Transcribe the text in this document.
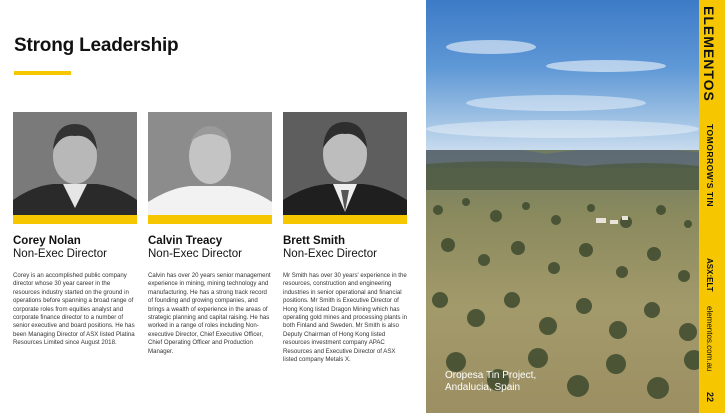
Strong Leadership
Corey Nolan
Non-Exec Director
Corey is an accomplished public company director whose 30 year career in the resources industry started on the ground in operations before spanning a broad range of corporate roles from equities analyst and corporate finance director to a number of senior executive and board positions. He has been Managing Director of ASX listed Platina Resources Limited since August 2018.
Calvin Treacy
Non-Exec Director
Calvin has over 20 years senior management experience in mining, mining technology and manufacturing. He has a strong track record of founding and growing companies, and brings a wealth of experience in the areas of strategic planning and capital raising. He has worked in a range of roles including Non-executive Director, Chief Executive Officer, Chief Operating Officer and Production Manager.
Brett Smith
Non-Exec Director
Mr Smith has over 30 years' experience in the resources, construction and engineering industries in senior operational and financial positions. Mr Smith is Executive Director of Hong Kong listed Dragon Mining which has operating gold mines and processing plants in both Finland and Sweden. Mr Smith is also Deputy Chairman of Hong Kong listed resources investment company APAC Resources and Executive Director of ASX listed company Metals X.
Oropesa Tin Project,
Andalucia, Spain
ELEMENTOS
TOMORROW'S TIN
ASX:ELT
elementos.com.au
22
